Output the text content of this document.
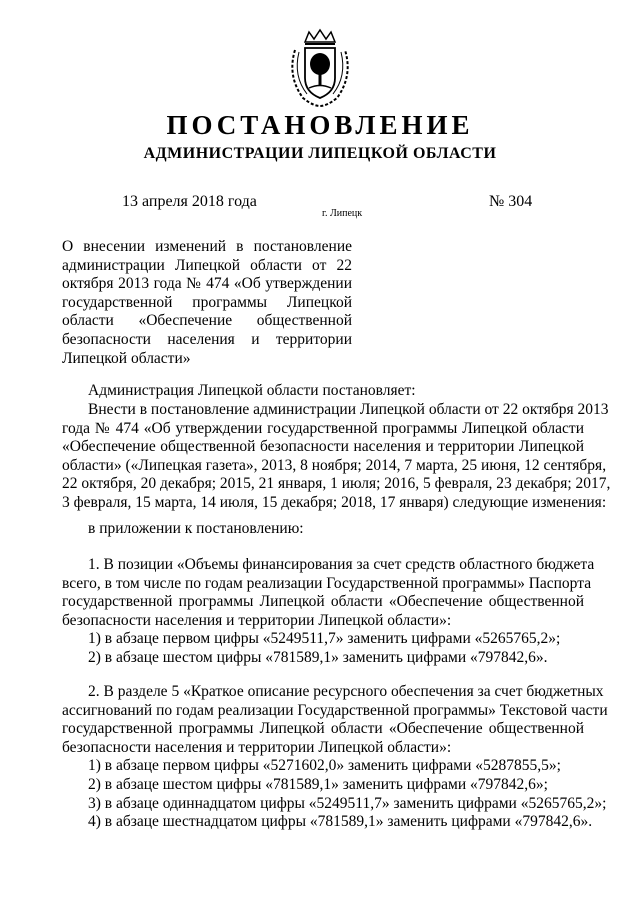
ПОСТАНОВЛЕНИЕ
АДМИНИСТРАЦИИ ЛИПЕЦКОЙ ОБЛАСТИ
13 апреля 2018 года
г. Липецк
№ 304
О внесении изменений в постановление
администрации Липецкой области от 22
октября 2013 года № 474 «Об утверждении
государственной программы Липецкой
области «Обеспечение общественной
безопасности населения и территории
Липецкой области»
Администрация Липецкой области постановляет:
Внести в постановление администрации Липецкой области от 22 октября 2013
года № 474 «Об утверждении государственной программы Липецкой области
«Обеспечение общественной безопасности населения и территории Липецкой
области» («Липецкая газета», 2013, 8 ноября; 2014, 7 марта, 25 июня, 12 сентября,
22 октября, 20 декабря; 2015, 21 января, 1 июля; 2016, 5 февраля, 23 декабря; 2017,
3 февраля, 15 марта, 14 июля, 15 декабря; 2018, 17 января) следующие изменения:
в приложении к постановлению:
1. В позиции «Объемы финансирования за счет средств областного бюджета
всего, в том числе по годам реализации Государственной программы» Паспорта
государственной программы Липецкой области «Обеспечение общественной
безопасности населения и территории Липецкой области»:
1) в абзаце первом цифры «5249511,7» заменить цифрами «5265765,2»;
2) в абзаце шестом цифры «781589,1» заменить цифрами «797842,6».
2. В разделе 5 «Краткое описание ресурсного обеспечения за счет бюджетных
ассигнований по годам реализации Государственной программы» Текстовой части
государственной программы Липецкой области «Обеспечение общественной
безопасности населения и территории Липецкой области»:
1) в абзаце первом цифры «5271602,0» заменить цифрами «5287855,5»;
2) в абзаце шестом цифры «781589,1» заменить цифрами «797842,6»;
3) в абзаце одиннадцатом цифры «5249511,7» заменить цифрами «5265765,2»;
4) в абзаце шестнадцатом цифры «781589,1» заменить цифрами «797842,6».
